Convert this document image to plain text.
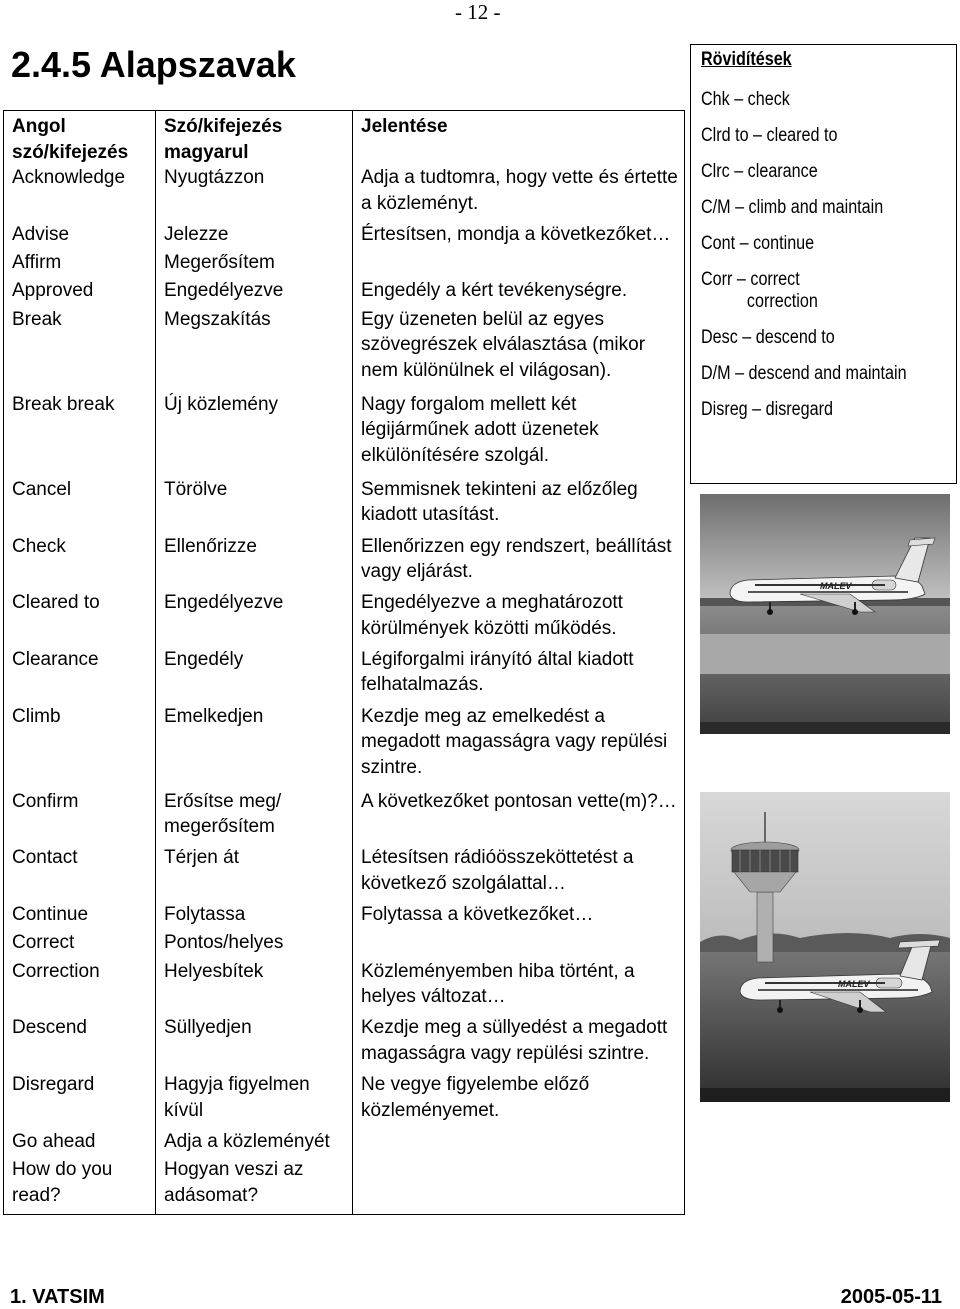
- 12 -
2.4.5 Alapszavak
Angol szó/kifejezés	Szó/kifejezés magyarul	Jelentése
Acknowledge	Nyugtázzon	Adja a tudtomra, hogy vette és értette a közleményt.
Advise	Jelezze	Értesítsen, mondja a következőket…
Affirm	Megerősítem	
Approved	Engedélyezve	Engedély a kért tevékenységre.
Break	Megszakítás	Egy üzeneten belül az egyes szövegrészek elválasztása (mikor nem különülnek el világosan).
Break break	Új közlemény	Nagy forgalom mellett két légijárműnek adott üzenetek elkülönítésére szolgál.
Cancel	Törölve	Semmisnek tekinteni az előzőleg kiadott utasítást.
Check	Ellenőrizze	Ellenőrizzen egy rendszert, beállítást vagy eljárást.
Cleared to	Engedélyezve	Engedélyezve a meghatározott körülmények közötti működés.
Clearance	Engedély	Légiforgalmi irányító által kiadott felhatalmazás.
Climb	Emelkedjen	Kezdje meg az emelkedést a megadott magasságra vagy repülési szintre.
Confirm	Erősítse meg/ megerősítem	A következőket pontosan vette(m)?…
Contact	Térjen át	Létesítsen rádióösszeköttetést a következő szolgálattal…
Continue	Folytassa	Folytassa a következőket…
Correct	Pontos/helyes	
Correction	Helyesbítek	Közleményemben hiba történt, a helyes változat…
Descend	Süllyedjen	Kezdje meg a süllyedést a megadott magasságra vagy repülési szintre.
Disregard	Hagyja figyelmen kívül	Ne vegye figyelembe előző közleményemet.
Go ahead	Adja a közleményét	
How do you read?	Hogyan veszi az adásomat?	
Rövidítések
Chk – check
Clrd to – cleared to
Clrc – clearance
C/M – climb and maintain
Cont – continue
Corr – correct
correction
Desc – descend to
D/M – descend and maintain
Disreg – disregard
MALEV
MALEV
1. VATSIM	2005-05-11
